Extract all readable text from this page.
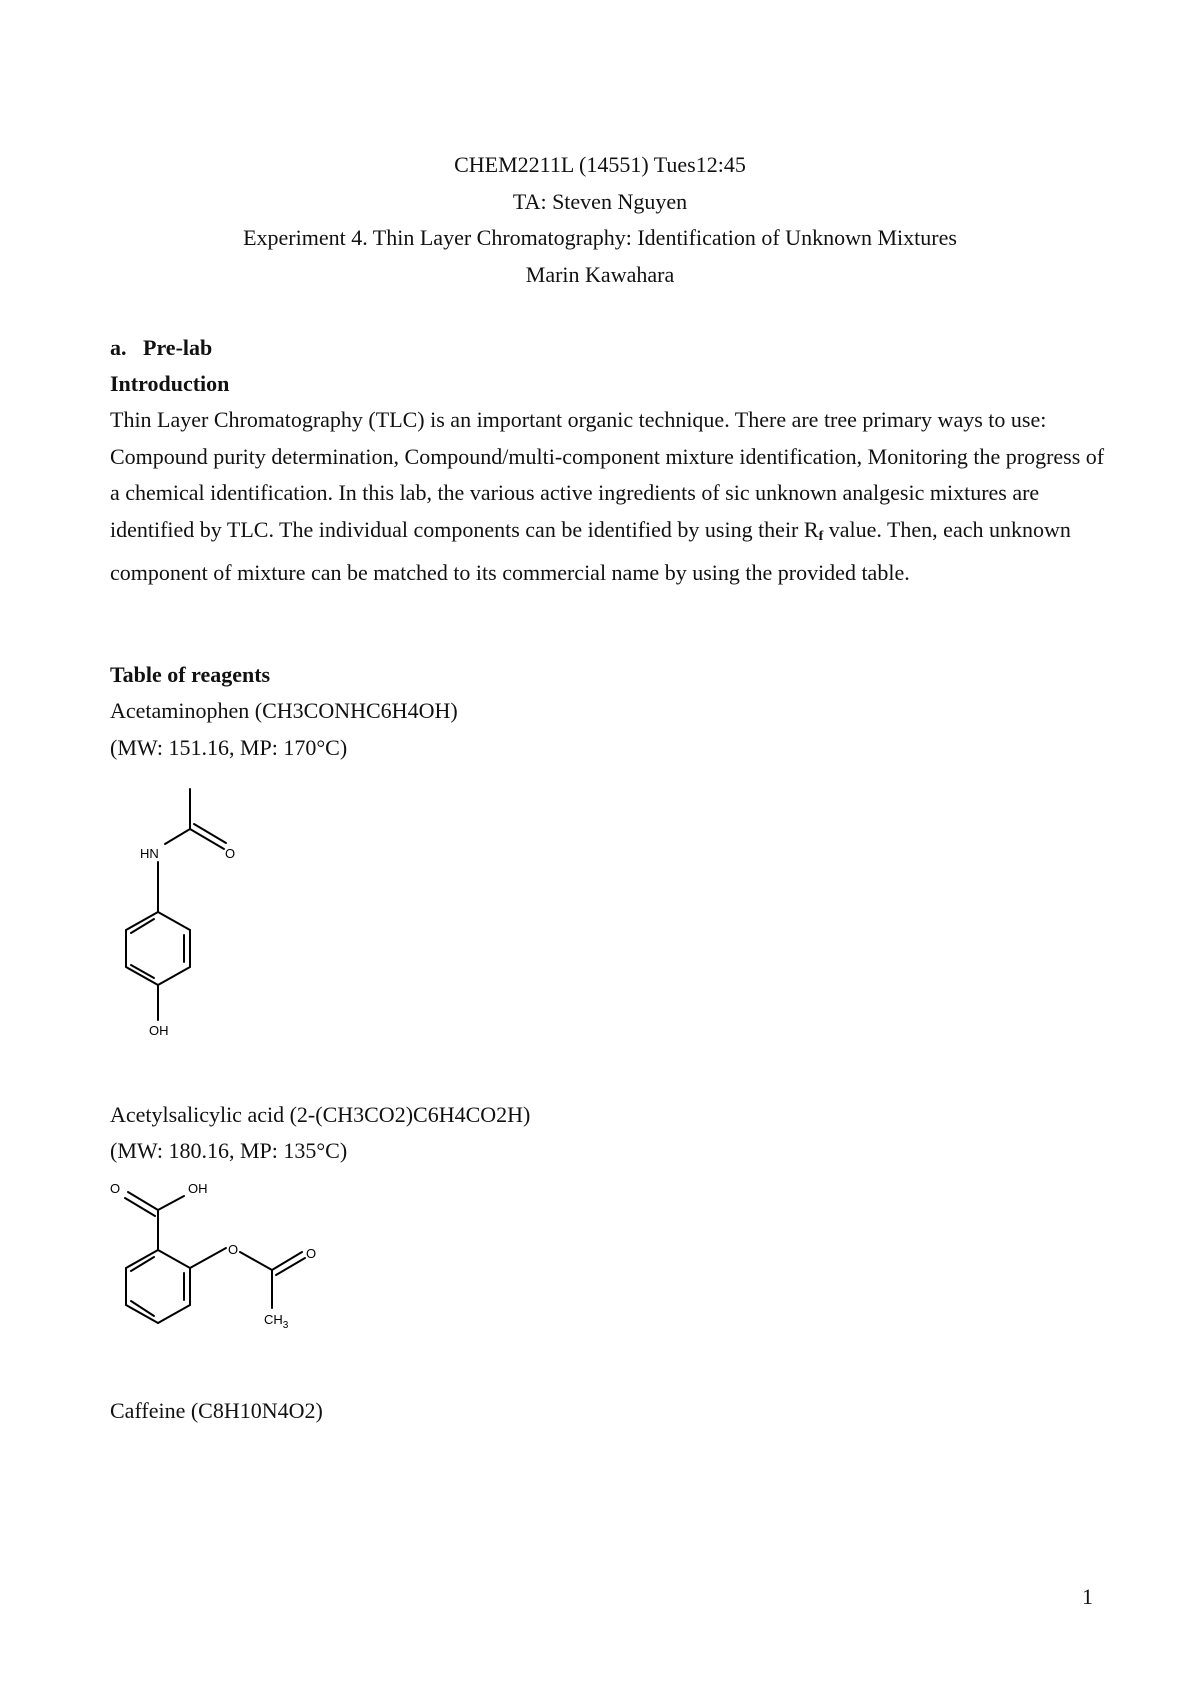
CHEM2211L (14551) Tues12:45
TA: Steven Nguyen
Experiment 4. Thin Layer Chromatography: Identification of Unknown Mixtures
Marin Kawahara
a.   Pre-lab
Introduction
Thin Layer Chromatography (TLC) is an important organic technique. There are tree primary ways to use: Compound purity determination, Compound/multi-component mixture identification, Monitoring the progress of a chemical identification. In this lab, the various active ingredients of sic unknown analgesic mixtures are identified by TLC. The individual components can be identified by using their $R_f$ value. Then, each unknown component of mixture can be matched to its commercial name by using the provided table.
Table of reagents
Acetaminophen (CH3CONHC6H4OH)
(MW: 151.16, MP: 170°C)
HN	O
OH
Acetylsalicylic acid (2-(CH3CO2)C6H4CO2H)
(MW: 180.16, MP: 135°C)
O	OH
O	O
$CH_3$
Caffeine (C8H10N4O2)
1
